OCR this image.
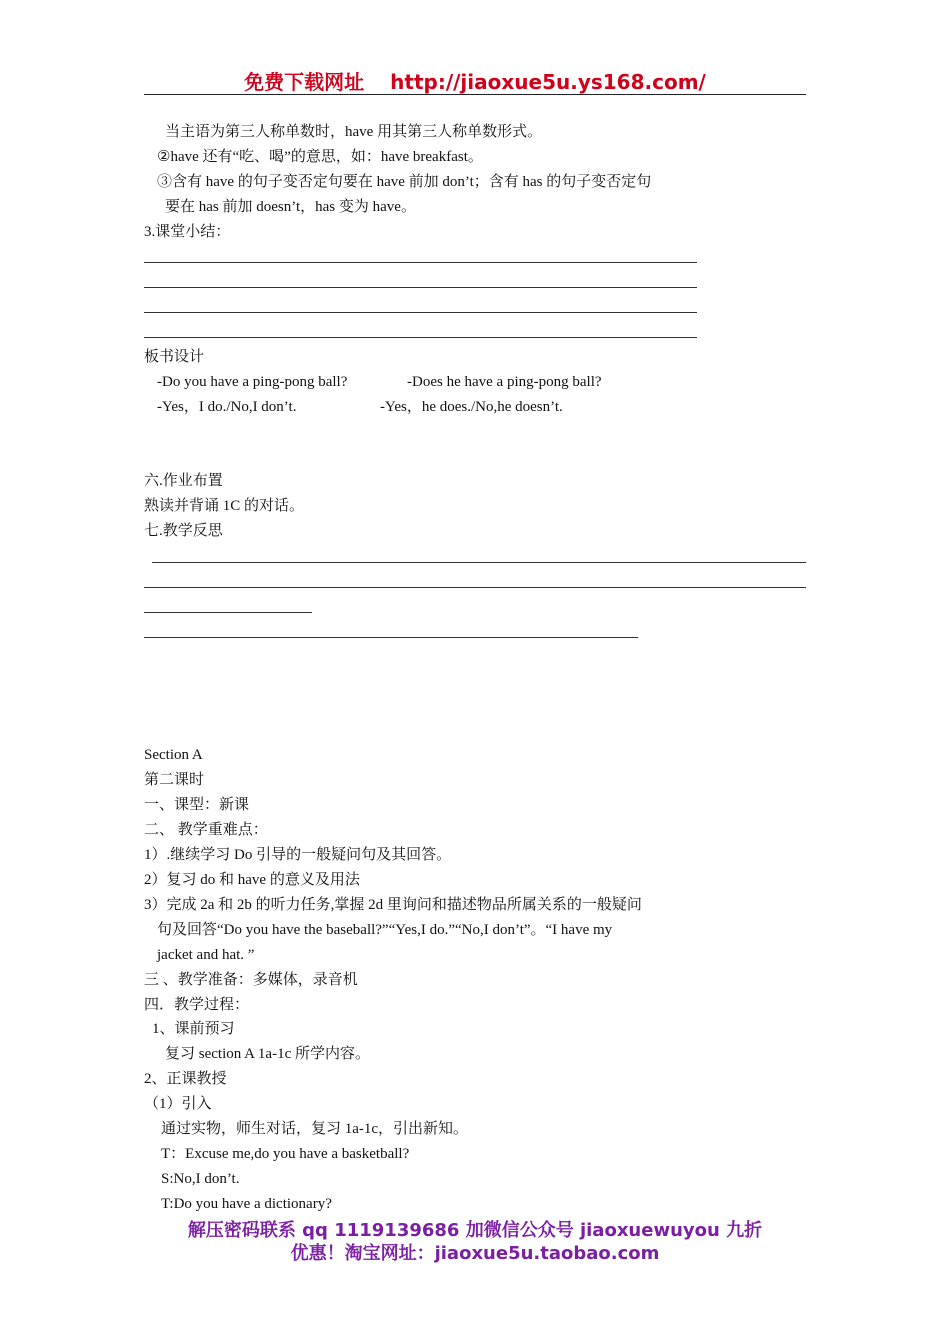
免费下载网址 http://jiaoxue5u.ys168.com/
当主语为第三人称单数时，have 用其第三人称单数形式。
②have 还有“吃、喝”的意思，如：have breakfast。
③含有 have 的句子变否定句要在 have 前加 don’t；含有 has 的句子变否定句
要在 has 前加 doesn’t，has 变为 have。
3.课堂小结：
板书设计
-Do you have a ping-pong ball?	-Does he have a ping-pong ball?
-Yes，I do./No,I don’t.	-Yes，he does./No,he doesn’t.
六.作业布置
熟读并背诵 1C 的对话。
七.教学反思
Section A
第二课时
一、课型：新课
二、 教学重难点：
1）.继续学习 Do 引导的一般疑问句及其回答。
2）复习 do 和 have 的意义及用法
3）完成 2a 和 2b 的听力任务,掌握 2d 里询问和描述物品所属关系的一般疑问
句及回答“Do you have the baseball?”“Yes,I do.”“No,I don’t”。“I have my
jacket and hat. ”
三 、教学准备：多媒体，录音机
四．教学过程：
1、课前预习
复习 section A 1a-1c 所学内容。
2、正课教授
（1）引入
通过实物，师生对话，复习 1a-1c，引出新知。
T：Excuse me,do you have a basketball?
S:No,I don’t.
T:Do you have a dictionary?
解压密码联系 qq 1119139686 加微信公众号 jiaoxuewuyou 九折
优惠！淘宝网址：jiaoxue5u.taobao.com
